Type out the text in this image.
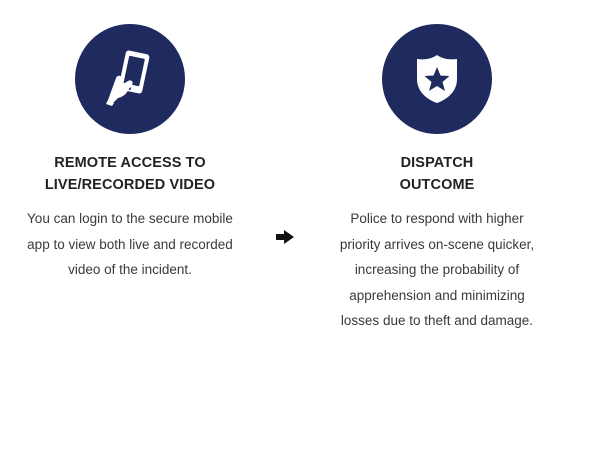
REMOTE ACCESS TO
LIVE/RECORDED VIDEO
You can login to the secure mobile app to view both live and recorded video of the incident.
DISPATCH
OUTCOME
Police to respond with higher priority arrives on-scene quicker, increasing the probability of apprehension and minimizing losses due to theft and damage.
